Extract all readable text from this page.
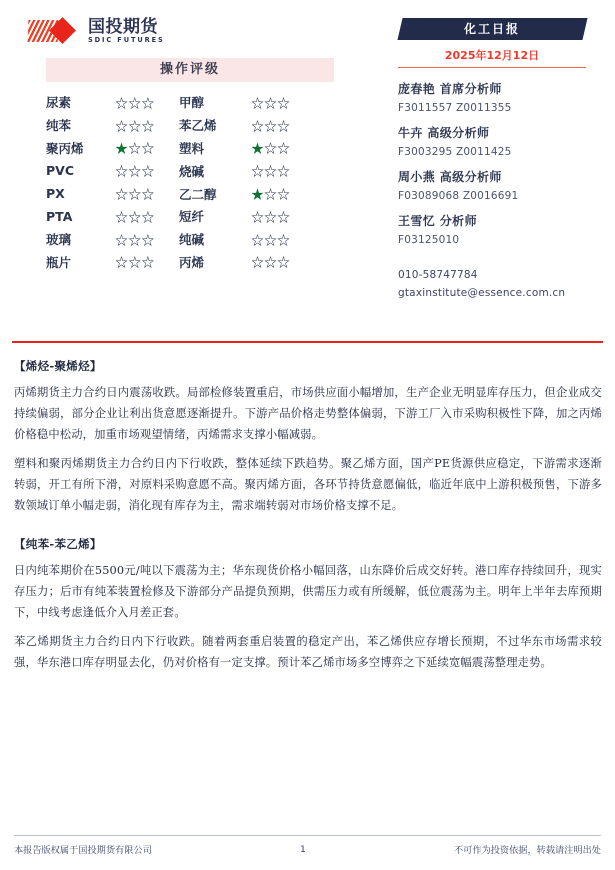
国投期货
SDIC FUTURES
操作评级
尿素	☆☆☆	甲醇	☆☆☆
纯苯	☆☆☆	苯乙烯	☆☆☆
聚丙烯	★☆☆	塑料	★☆☆
PVC	☆☆☆	烧碱	☆☆☆
PX	☆☆☆	乙二醇	★☆☆
PTA	☆☆☆	短纤	☆☆☆
玻璃	☆☆☆	纯碱	☆☆☆
瓶片	☆☆☆	丙烯	☆☆☆
化工日报
2025年12月12日
庞春艳 首席分析师
F3011557 Z0011355
牛卉 高级分析师
F3003295 Z0011425
周小燕 高级分析师
F03089068 Z0016691
王雪忆 分析师
F03125010
010-58747784
gtaxinstitute@essence.com.cn
【烯烃-聚烯烃】
丙烯期货主力合约日内震荡收跌。局部检修装置重启，市场供应面小幅增加，生产企业无明显库存压力，但企业成交持续偏弱，部分企业让利出货意愿逐渐提升。下游产品价格走势整体偏弱，下游工厂入市采购积极性下降，加之丙烯价格稳中松动，加重市场观望情绪，丙烯需求支撑小幅减弱。
塑料和聚丙烯期货主力合约日内下行收跌，整体延续下跌趋势。聚乙烯方面，国产PE货源供应稳定，下游需求逐渐转弱，开工有所下滑，对原料采购意愿不高。聚丙烯方面，各环节持货意愿偏低，临近年底中上游积极预售，下游多数领域订单小幅走弱，消化现有库存为主，需求端转弱对市场价格支撑不足。
【纯苯-苯乙烯】
日内纯苯期价在5500元/吨以下震荡为主；华东现货价格小幅回落，山东降价后成交好转。港口库存持续回升，现实存压力；后市有纯苯装置检修及下游部分产品提负预期，供需压力或有所缓解，低位震荡为主。明年上半年去库预期下，中线考虑逢低介入月差正套。
苯乙烯期货主力合约日内下行收跌。随着两套重启装置的稳定产出，苯乙烯供应存增长预期，不过华东市场需求较强，华东港口库存明显去化，仍对价格有一定支撑。预计苯乙烯市场多空博弈之下延续宽幅震荡整理走势。
本报告版权属于国投期货有限公司	1	不可作为投资依据，转载请注明出处
